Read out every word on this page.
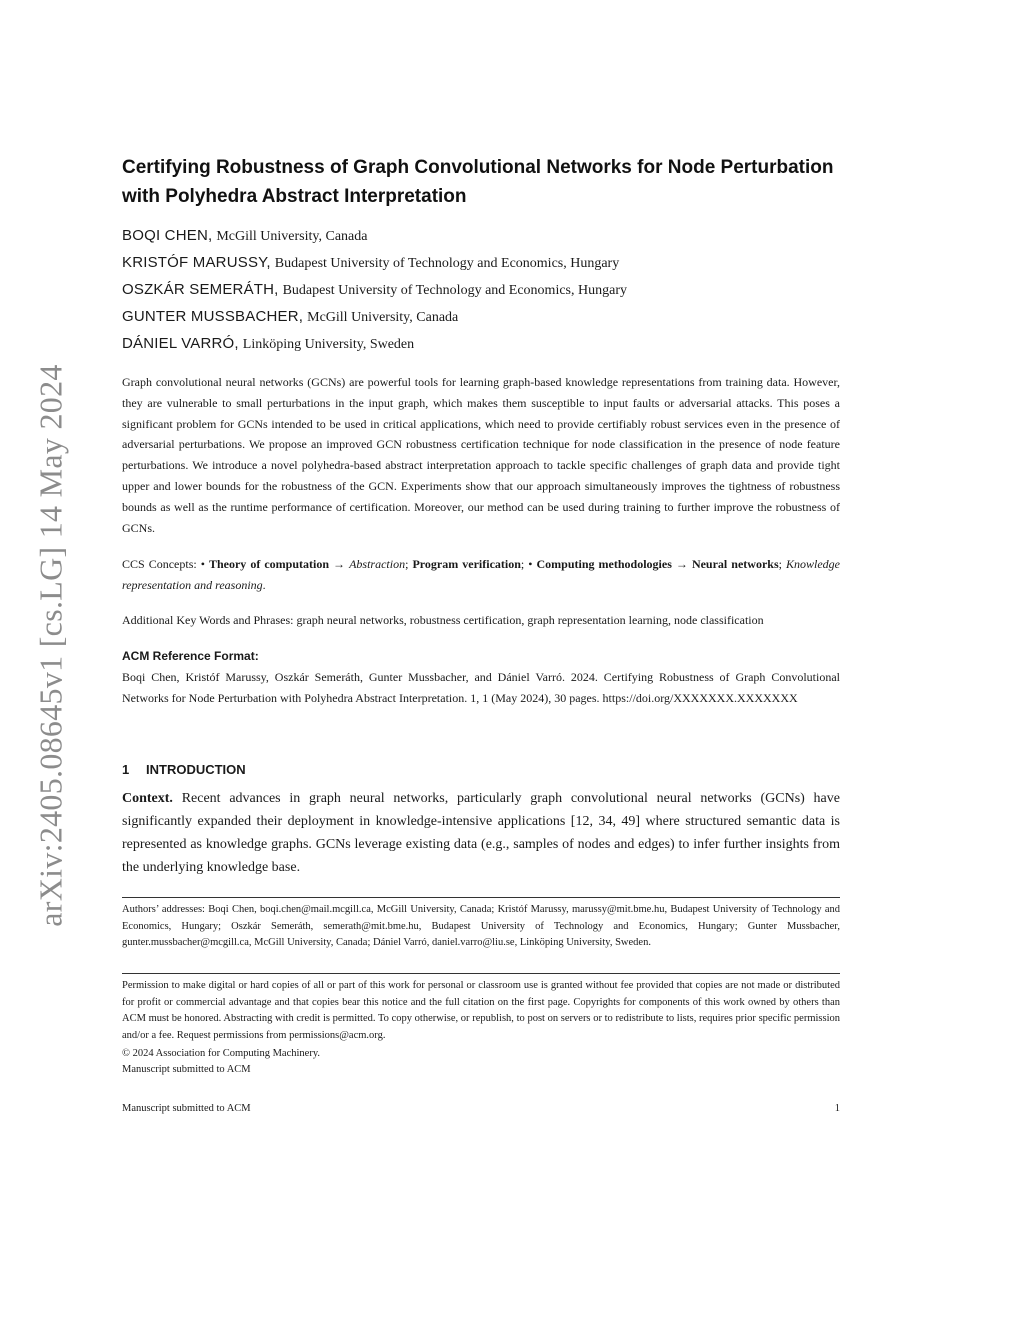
arXiv:2405.08645v1 [cs.LG] 14 May 2024
Certifying Robustness of Graph Convolutional Networks for Node Perturbation
with Polyhedra Abstract Interpretation
BOQI CHEN,
McGill University, Canada
KRISTÓF MARUSSY,
Budapest University of Technology and Economics, Hungary
OSZKÁR SEMERÁTH,
Budapest University of Technology and Economics, Hungary
GUNTER MUSSBACHER,
McGill University, Canada
DÁNIEL VARRÓ,
Linköping University, Sweden
Graph convolutional neural networks (GCNs) are powerful tools for learning graph-based knowledge representations from training data. However, they are vulnerable to small perturbations in the input graph, which makes them susceptible to input faults or adversarial attacks. This poses a significant problem for GCNs intended to be used in critical applications, which need to provide certifiably robust services even in the presence of adversarial perturbations. We propose an improved GCN robustness certification technique for node classification in the presence of node feature perturbations. We introduce a novel polyhedra-based abstract interpretation approach to tackle specific challenges of graph data and provide tight upper and lower bounds for the robustness of the GCN. Experiments show that our approach simultaneously improves the tightness of robustness bounds as well as the runtime performance of certification. Moreover, our method can be used during training to further improve the robustness of GCNs.
CCS Concepts: • Theory of computation → Abstraction; Program verification; • Computing methodologies → Neural networks; Knowledge representation and reasoning.
Additional Key Words and Phrases: graph neural networks, robustness certification, graph representation learning, node classification
ACM Reference Format:
Boqi Chen, Kristóf Marussy, Oszkár Semeráth, Gunter Mussbacher, and Dániel Varró. 2024. Certifying Robustness of Graph Convolutional Networks for Node Perturbation with Polyhedra Abstract Interpretation. 1, 1 (May 2024), 30 pages. https://doi.org/XXXXXXX.XXXXXXX
1 INTRODUCTION
Context. Recent advances in graph neural networks, particularly graph convolutional neural networks (GCNs) have significantly expanded their deployment in knowledge-intensive applications [12, 34, 49] where structured semantic data is represented as knowledge graphs. GCNs leverage existing data (e.g., samples of nodes and edges) to infer further insights from the underlying knowledge base.
Authors’ addresses: Boqi Chen, boqi.chen@mail.mcgill.ca, McGill University, Canada; Kristóf Marussy, marussy@mit.bme.hu, Budapest University of Technology and Economics, Hungary; Oszkár Semeráth, semerath@mit.bme.hu, Budapest University of Technology and Economics, Hungary; Gunter Mussbacher, gunter.mussbacher@mcgill.ca, McGill University, Canada; Dániel Varró, daniel.varro@liu.se, Linköping University, Sweden.
Permission to make digital or hard copies of all or part of this work for personal or classroom use is granted without fee provided that copies are not made or distributed for profit or commercial advantage and that copies bear this notice and the full citation on the first page. Copyrights for components of this work owned by others than ACM must be honored. Abstracting with credit is permitted. To copy otherwise, or republish, to post on servers or to redistribute to lists, requires prior specific permission and/or a fee. Request permissions from permissions@acm.org.
© 2024 Association for Computing Machinery.
Manuscript submitted to ACM
Manuscript submitted to ACM	1
